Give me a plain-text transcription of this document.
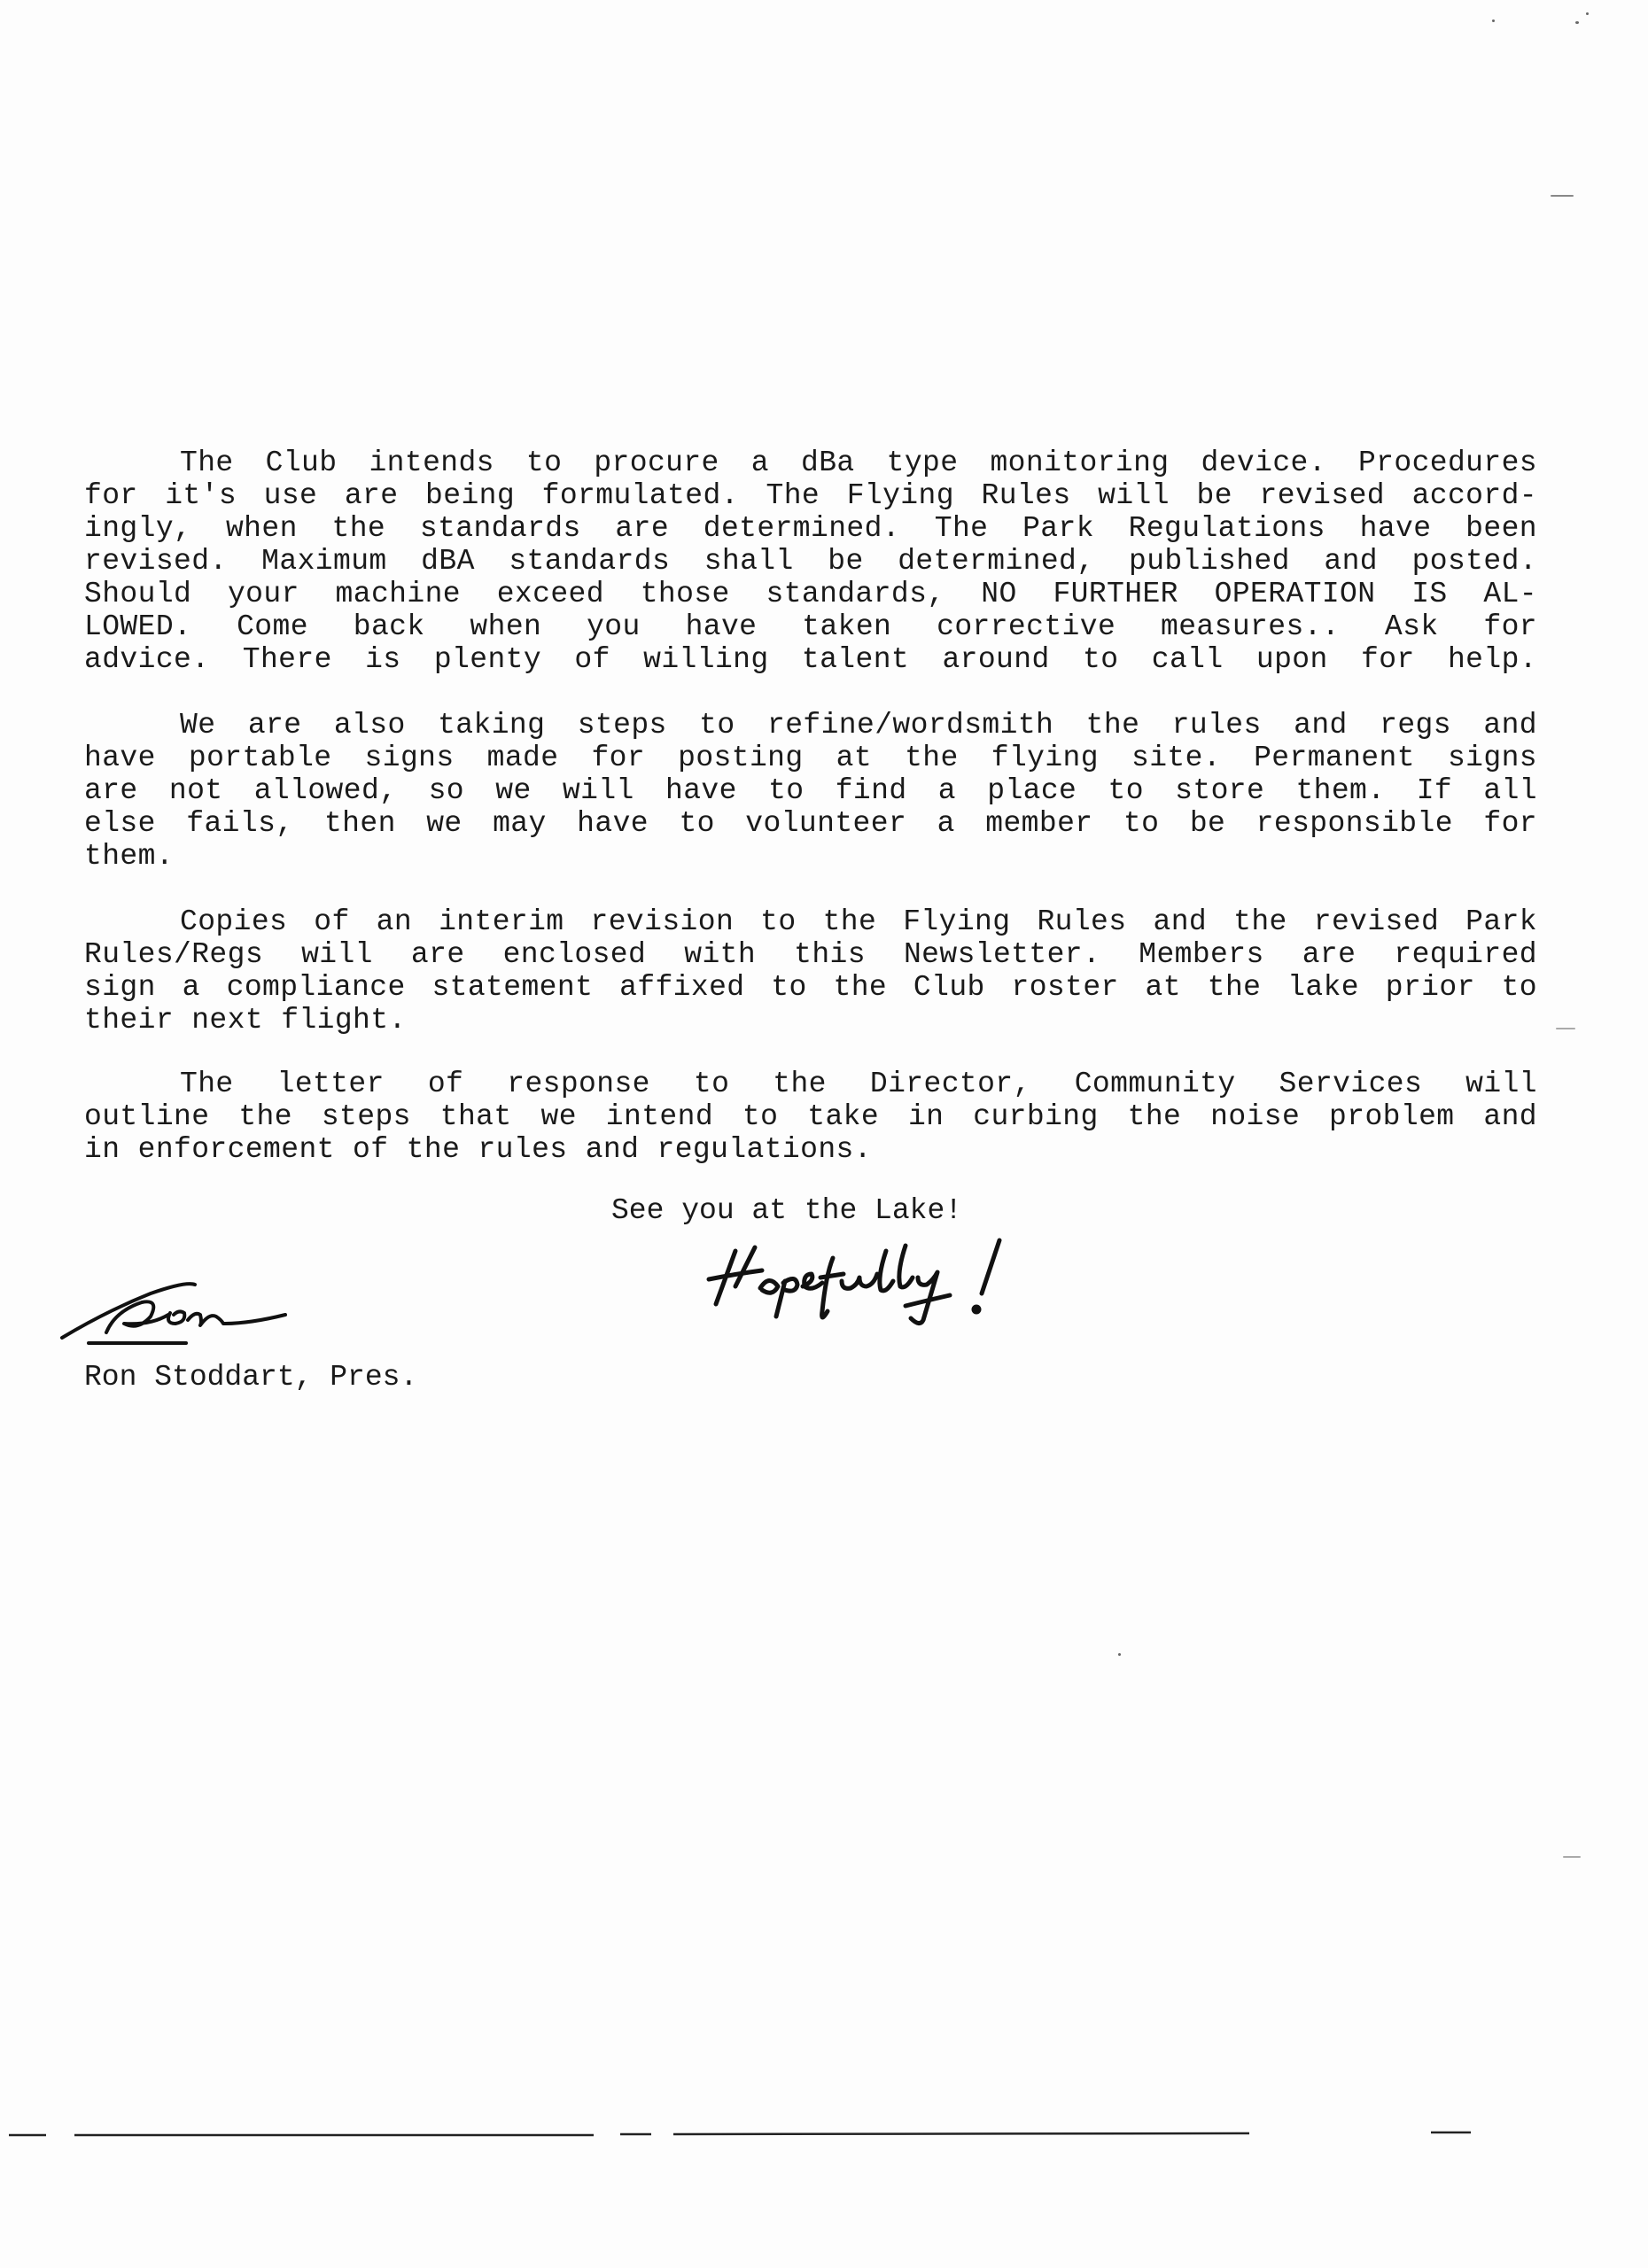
The Club intends to procure a dBa type monitoring device. Procedures
for it's use are being formulated. The Flying Rules will be revised accord-
ingly, when the standards are determined. The Park Regulations have been
revised. Maximum dBA standards shall be determined, published and posted.
Should your machine exceed those standards, NO FURTHER OPERATION IS AL-
LOWED. Come back when you have taken corrective measures.. Ask for
advice. There is plenty of willing talent around to call upon for help.
We are also taking steps to refine/wordsmith the rules and regs and
have portable signs made for posting at the flying site. Permanent signs
are not allowed, so we will have to find a place to store them. If all
else fails, then we may have to volunteer a member to be responsible for
them.
Copies of an interim revision to the Flying Rules and the revised Park
Rules/Regs will are enclosed with this Newsletter. Members are required
sign a compliance statement affixed to the Club roster at the lake prior to
their next flight.
The letter of response to the Director, Community Services will
outline the steps that we intend to take in curbing the noise problem and
in enforcement of the rules and regulations.
See you at the Lake!
Ron Stoddart, Pres.
